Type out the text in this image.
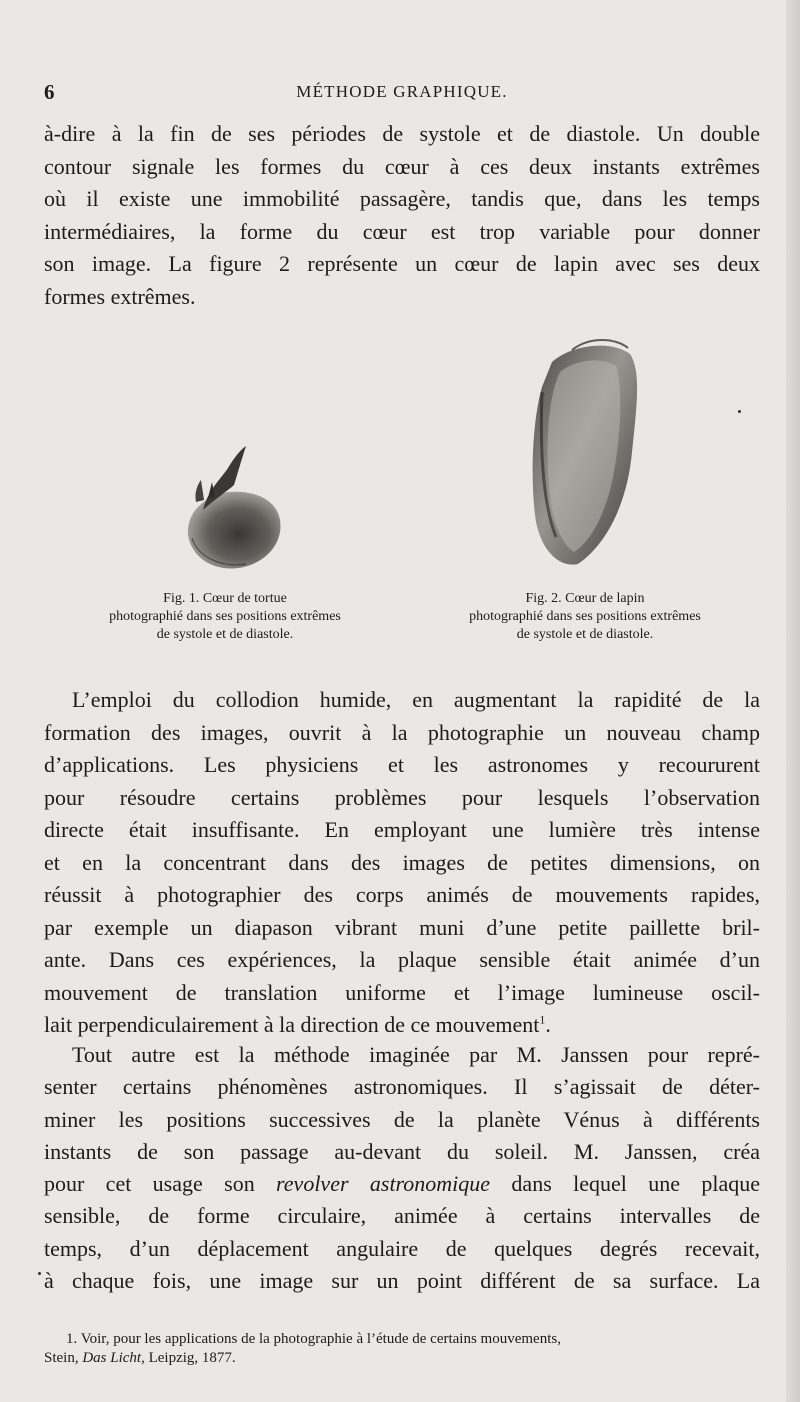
6	MÉTHODE GRAPHIQUE.

à-dire à la fin de ses périodes de systole et de diastole. Un double
contour signale les formes du cœur à ces deux instants extrêmes
où il existe une immobilité passagère, tandis que, dans les temps
intermédiaires, la forme du cœur est trop variable pour donner
son image. La figure 2 représente un cœur de lapin avec ses deux
formes extrêmes.

Fig. 1. Cœur de tortue
photographié dans ses positions extrêmes
de systole et de diastole.
Fig. 2. Cœur de lapin
photographié dans ses positions extrêmes
de systole et de diastole.

L’emploi du collodion humide, en augmentant la rapidité de la
formation des images, ouvrit à la photographie un nouveau champ
d’applications. Les physiciens et les astronomes y recoururent
pour résoudre certains problèmes pour lesquels l’observation
directe était insuffisante. En employant une lumière très intense
et en la concentrant dans des images de petites dimensions, on
réussit à photographier des corps animés de mouvements rapides,
par exemple un diapason vibrant muni d’une petite paillette bril-
ante. Dans ces expériences, la plaque sensible était animée d’un
mouvement de translation uniforme et l’image lumineuse oscil-
lait perpendiculairement à la direction de ce mouvement$^1$.

Tout autre est la méthode imaginée par M. Janssen pour repré-
senter certains phénomènes astronomiques. Il s’agissait de déter-
miner les positions successives de la planète Vénus à différents
instants de son passage au-devant du soleil. M. Janssen, créa
pour cet usage son revolver astronomique dans lequel une plaque
sensible, de forme circulaire, animée à certains intervalles de
temps, d’un déplacement angulaire de quelques degrés recevait,
à chaque fois, une image sur un point différent de sa surface. La

1. Voir, pour les applications de la photographie à l’étude de certains mouvements,
Stein, Das Licht, Leipzig, 1877.
